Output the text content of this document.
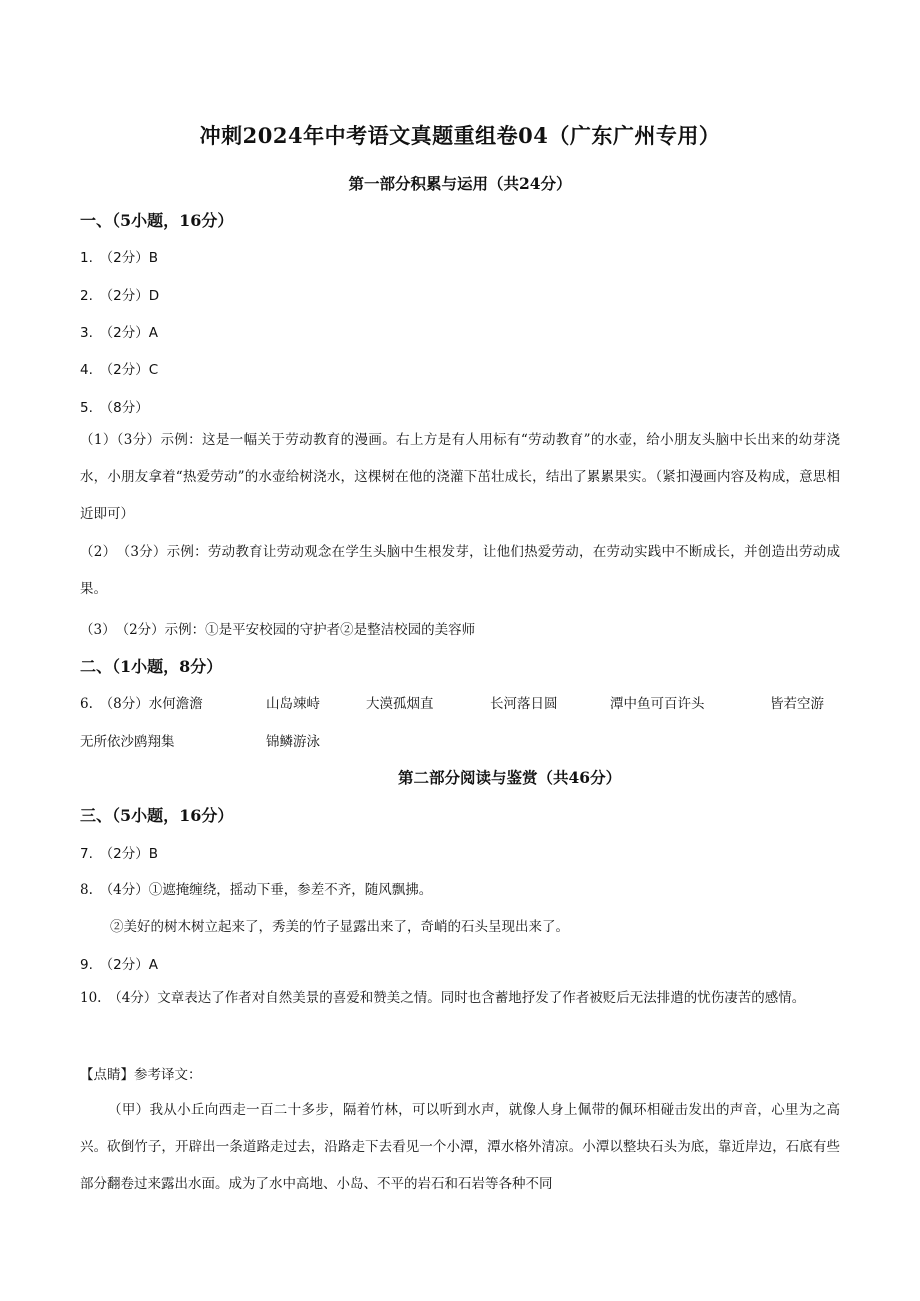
冲刺2024年中考语文真题重组卷04（广东广州专用）
第一部分积累与运用（共24分）
一、（5小题，16分）
1.　（2分）B
2.　（2分）D
3.　（2分）A
4.　（2分）C
5.　（8分）
（1）（3分）示例：这是一幅关于劳动教育的漫画。右上方是有人用标有“劳动教育”的水壶，给小朋友头脑中长出来的幼芽浇水，小朋友拿着“热爱劳动”的水壶给树浇水，这棵树在他的浇灌下茁壮成长，结出了累累果实。（紧扣漫画内容及构成，意思相近即可）
（2）　（3分）示例：劳动教育让劳动观念在学生头脑中生根发芽，让他们热爱劳动，在劳动实践中不断成长，并创造出劳动成果。
（3）　（2分）示例：①是平安校园的守护者②是整洁校园的美容师
二、（1小题，8分）
6.　（8分）水何澹澹	山岛竦峙	大漠孤烟直	长河落日圆	潭中鱼可百许头	皆若空游
无所依沙鸥翔集	锦鳞游泳
第二部分阅读与鉴赏（共46分）
三、（5小题，16分）
7.　（2分）B
8.　（4分）①遮掩缠绕，摇动下垂，参差不齐，随风飘拂。
②美好的树木树立起来了，秀美的竹子显露出来了，奇峭的石头呈现出来了。
9.　（2分）A
10.　（4分）文章表达了作者对自然美景的喜爱和赞美之情。同时也含蓄地抒发了作者被贬后无法排遣的忧伤凄苦的感情。
【点睛】参考译文：
（甲）我从小丘向西走一百二十多步，隔着竹林，可以听到水声，就像人身上佩带的佩环相碰击发出的声音，心里为之高兴。砍倒竹子，开辟出一条道路走过去，沿路走下去看见一个小潭，潭水格外清凉。小潭以整块石头为底，靠近岸边，石底有些部分翻卷过来露出水面。成为了水中高地、小岛、不平的岩石和石岩等各种不同
